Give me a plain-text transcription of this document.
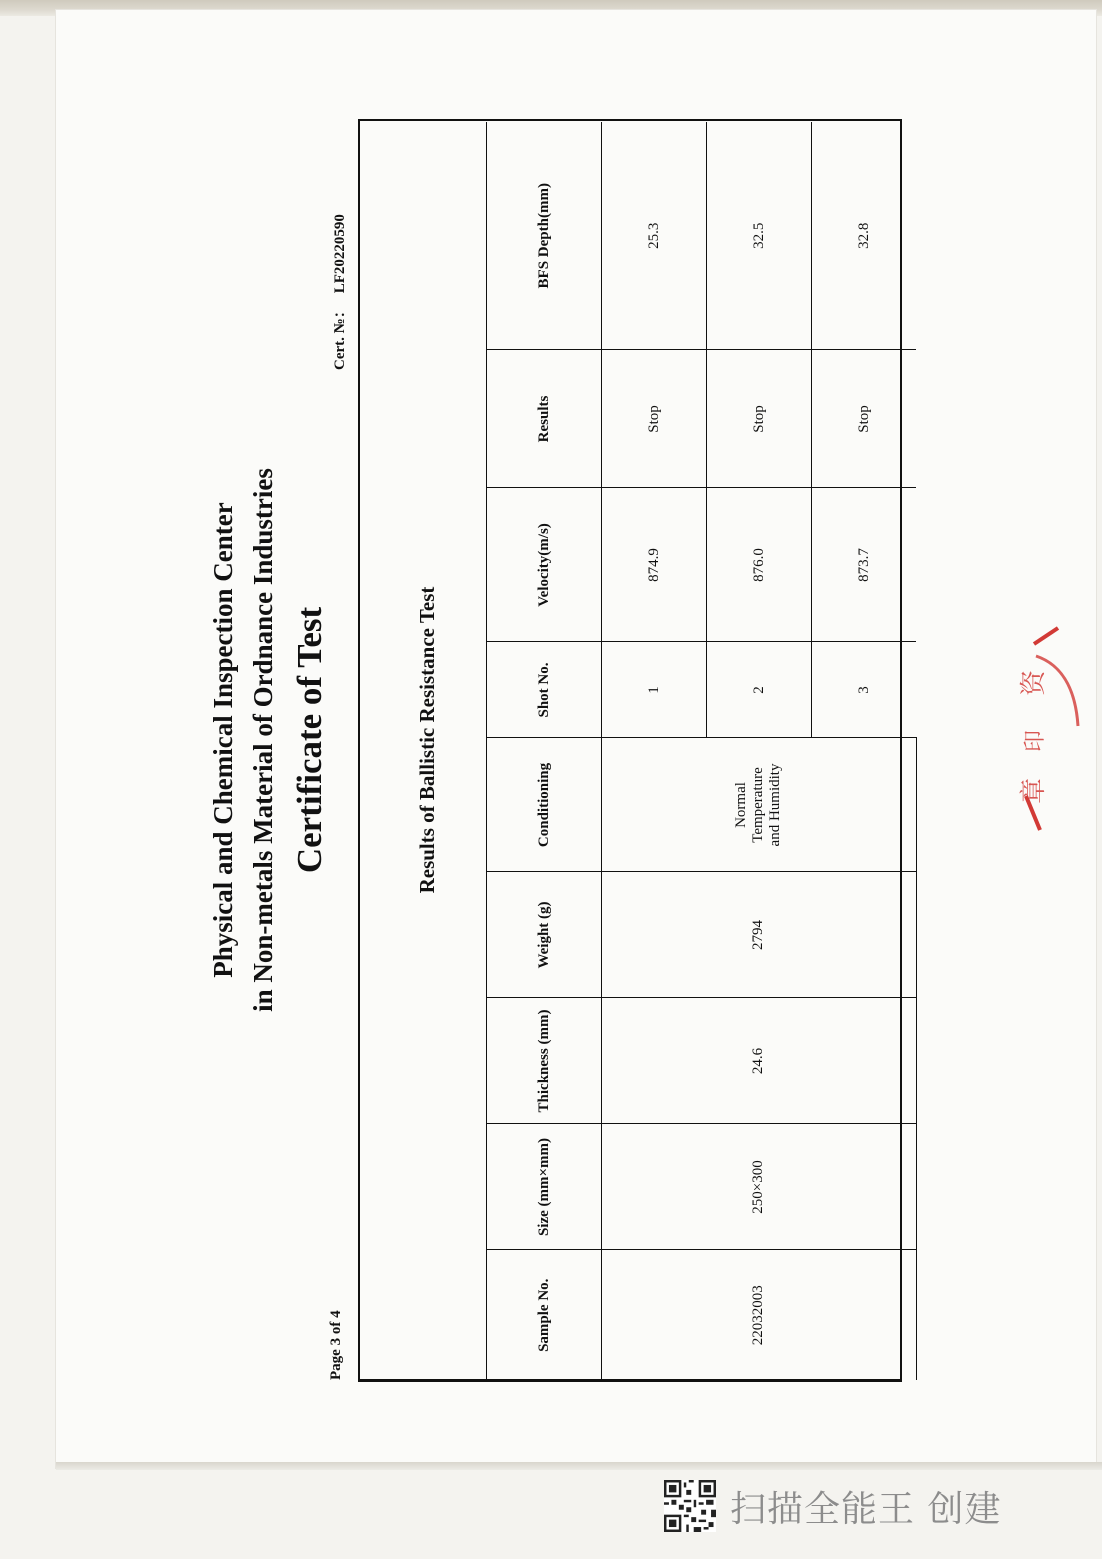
Page 3 of 4
Cert. №：LF20220590
Physical and Chemical Inspection Center in Non-metals Material of Ordnance Industries Certificate of Test
Sample No.	Size (mm×mm)	Thickness (mm)	Weight (g)	Conditioning	Shot No.	Velocity(m/s)	Results	BFS Depth(mm)
22032003	250×300	24.6	2794	Normal Temperature and Humidity	1	874.9	Stop	25.3
					2	876.0	Stop	32.5
					3	873.7	Stop	32.8
Results of Ballistic Resistance Test	资
印
章
扫描全能王 创建
